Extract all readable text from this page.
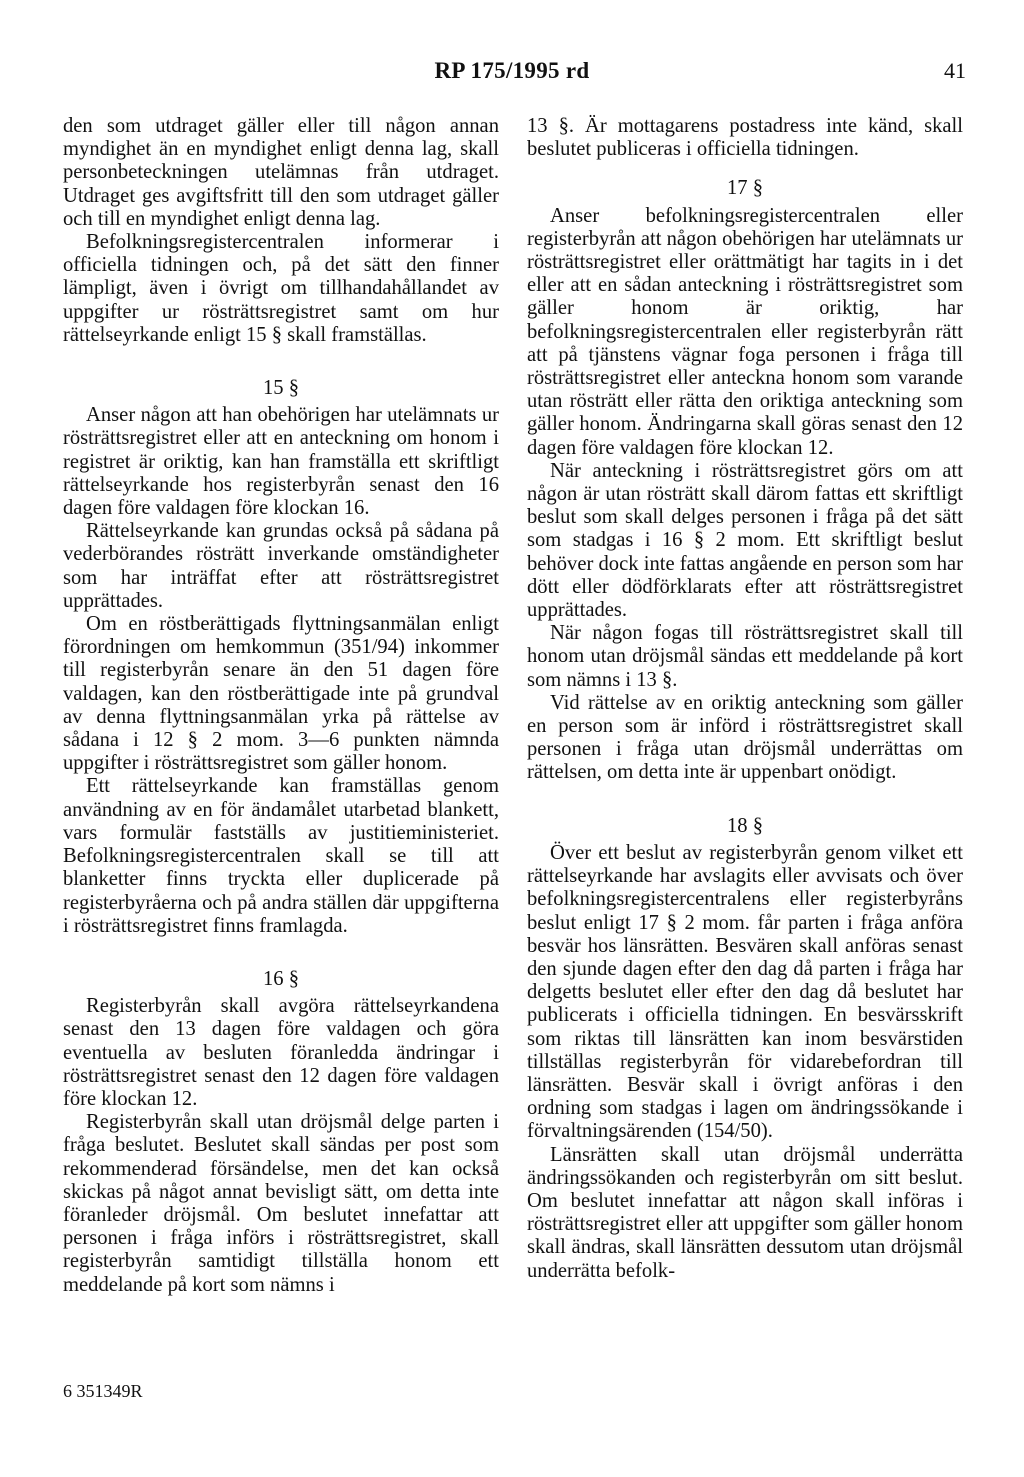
RP 175/1995 rd	41

den som utdraget gäller eller till någon annan myndighet än en myndighet enligt denna lag, skall personbeteckningen utelämnas från utdraget. Utdraget ges avgiftsfritt till den som utdraget gäller och till en myndighet enligt denna lag.

Befolkningsregistercentralen informerar i officiella tidningen och, på det sätt den finner lämpligt, även i övrigt om tillhandahållandet av uppgifter ur rösträttsregistret samt om hur rättelseyrkande enligt 15 § skall framställas.

15 §

Anser någon att han obehörigen har utelämnats ur rösträttsregistret eller att en anteckning om honom i registret är oriktig, kan han framställa ett skriftligt rättelseyrkande hos registerbyrån senast den 16 dagen före valdagen före klockan 16.

Rättelseyrkande kan grundas också på sådana på vederbörandes rösträtt inverkande omständigheter som har inträffat efter att rösträttsregistret upprättades.

Om en röstberättigads flyttningsanmälan enligt förordningen om hemkommun (351/94) inkommer till registerbyrån senare än den 51 dagen före valdagen, kan den röstberättigade inte på grundval av denna flyttningsanmälan yrka på rättelse av sådana i 12 § 2 mom. 3—6 punkten nämnda uppgifter i rösträttsregistret som gäller honom.

Ett rättelseyrkande kan framställas genom användning av en för ändamålet utarbetad blankett, vars formulär fastställs av justitieministeriet. Befolkningsregistercentralen skall se till att blanketter finns tryckta eller duplicerade på registerbyråerna och på andra ställen där uppgifterna i rösträttsregistret finns framlagda.

16 §

Registerbyrån skall avgöra rättelseyrkandena senast den 13 dagen före valdagen och göra eventuella av besluten föranledda ändringar i rösträttsregistret senast den 12 dagen före valdagen före klockan 12.

Registerbyrån skall utan dröjsmål delge parten i fråga beslutet. Beslutet skall sändas per post som rekommenderad försändelse, men det kan också skickas på något annat bevisligt sätt, om detta inte föranleder dröjsmål. Om beslutet innefattar att personen i fråga införs i rösträttsregistret, skall registerbyrån samtidigt tillställa honom ett meddelande på kort som nämns i

13 §. Är mottagarens postadress inte känd, skall beslutet publiceras i officiella tidningen.

17 §

Anser befolkningsregistercentralen eller registerbyrån att någon obehörigen har utelämnats ur rösträttsregistret eller orättmätigt har tagits in i det eller att en sådan anteckning i rösträttsregistret som gäller honom är oriktig, har befolkningsregistercentralen eller registerbyrån rätt att på tjänstens vägnar foga personen i fråga till rösträttsregistret eller anteckna honom som varande utan rösträtt eller rätta den oriktiga anteckning som gäller honom. Ändringarna skall göras senast den 12 dagen före valdagen före klockan 12.

När anteckning i rösträttsregistret görs om att någon är utan rösträtt skall därom fattas ett skriftligt beslut som skall delges personen i fråga på det sätt som stadgas i 16 § 2 mom. Ett skriftligt beslut behöver dock inte fattas angående en person som har dött eller dödförklarats efter att rösträttsregistret upprättades.

När någon fogas till rösträttsregistret skall till honom utan dröjsmål sändas ett meddelande på kort som nämns i 13 §.

Vid rättelse av en oriktig anteckning som gäller en person som är införd i rösträttsregistret skall personen i fråga utan dröjsmål underrättas om rättelsen, om detta inte är uppenbart onödigt.

18 §

Över ett beslut av registerbyrån genom vilket ett rättelseyrkande har avslagits eller avvisats och över befolkningsregistercentralens eller registerbyråns beslut enligt 17 § 2 mom. får parten i fråga anföra besvär hos länsrätten. Besvären skall anföras senast den sjunde dagen efter den dag då parten i fråga har delgetts beslutet eller efter den dag då beslutet har publicerats i officiella tidningen. En besvärsskrift som riktas till länsrätten kan inom besvärstiden tillställas registerbyrån för vidarebefordran till länsrätten. Besvär skall i övrigt anföras i den ordning som stadgas i lagen om ändringssökande i förvaltningsärenden (154/50).

Länsrätten skall utan dröjsmål underrätta ändringssökanden och registerbyrån om sitt beslut. Om beslutet innefattar att någon skall införas i rösträttsregistret eller att uppgifter som gäller honom skall ändras, skall länsrätten dessutom utan dröjsmål underrätta befolk-

6 351349R
